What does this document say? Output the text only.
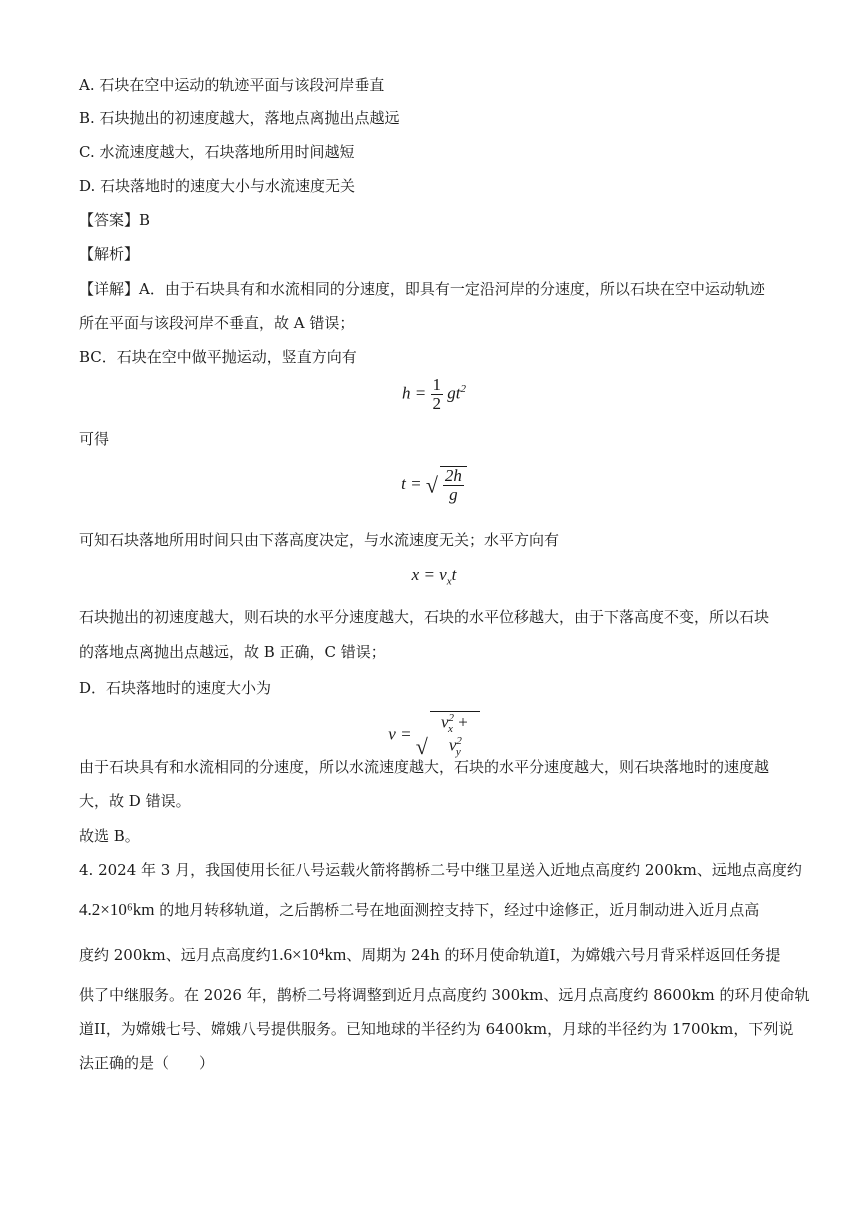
A. 石块在空中运动的轨迹平面与该段河岸垂直
B. 石块抛出的初速度越大，落地点离抛出点越远
C. 水流速度越大，石块落地所用时间越短
D. 石块落地时的速度大小与水流速度无关
【答案】B
【解析】
【详解】A．由于石块具有和水流相同的分速度，即具有一定沿河岸的分速度，所以石块在空中运动轨迹
所在平面与该段河岸不垂直，故 A 错误；
BC．石块在空中做平抛运动，竖直方向有
$h = \frac{1}{2} gt^2$
可得
t = √ $\frac{2h}{g}$
可知石块落地所用时间只由下落高度决定，与水流速度无关；水平方向有
$x = v_xt$
石块抛出的初速度越大，则石块的水平分速度越大，石块的水平位移越大，由于下落高度不变，所以石块
的落地点离抛出点越远，故 B 正确，C 错误；
D．石块落地时的速度大小为
$v = √v^2_x + v^2_y$
由于石块具有和水流相同的分速度，所以水流速度越大，石块的水平分速度越大，则石块落地时的速度越
大，故 D 错误。
故选 B。
4. 2024 年 3 月，我国使用长征八号运载火箭将鹊桥二号中继卫星送入近地点高度约 200km、远地点高度约
4.2×10⁶km 的地月转移轨道，之后鹊桥二号在地面测控支持下，经过中途修正，近月制动进入近月点高
度约 200km、远月点高度约1.6×10⁴km、周期为 24h 的环月使命轨道I，为嫦娥六号月背采样返回任务提
供了中继服务。在 2026 年，鹊桥二号将调整到近月点高度约 300km、远月点高度约 8600km 的环月使命轨
道II，为嫦娥七号、嫦娥八号提供服务。已知地球的半径约为 6400km，月球的半径约为 1700km，下列说
法正确的是（　　）
